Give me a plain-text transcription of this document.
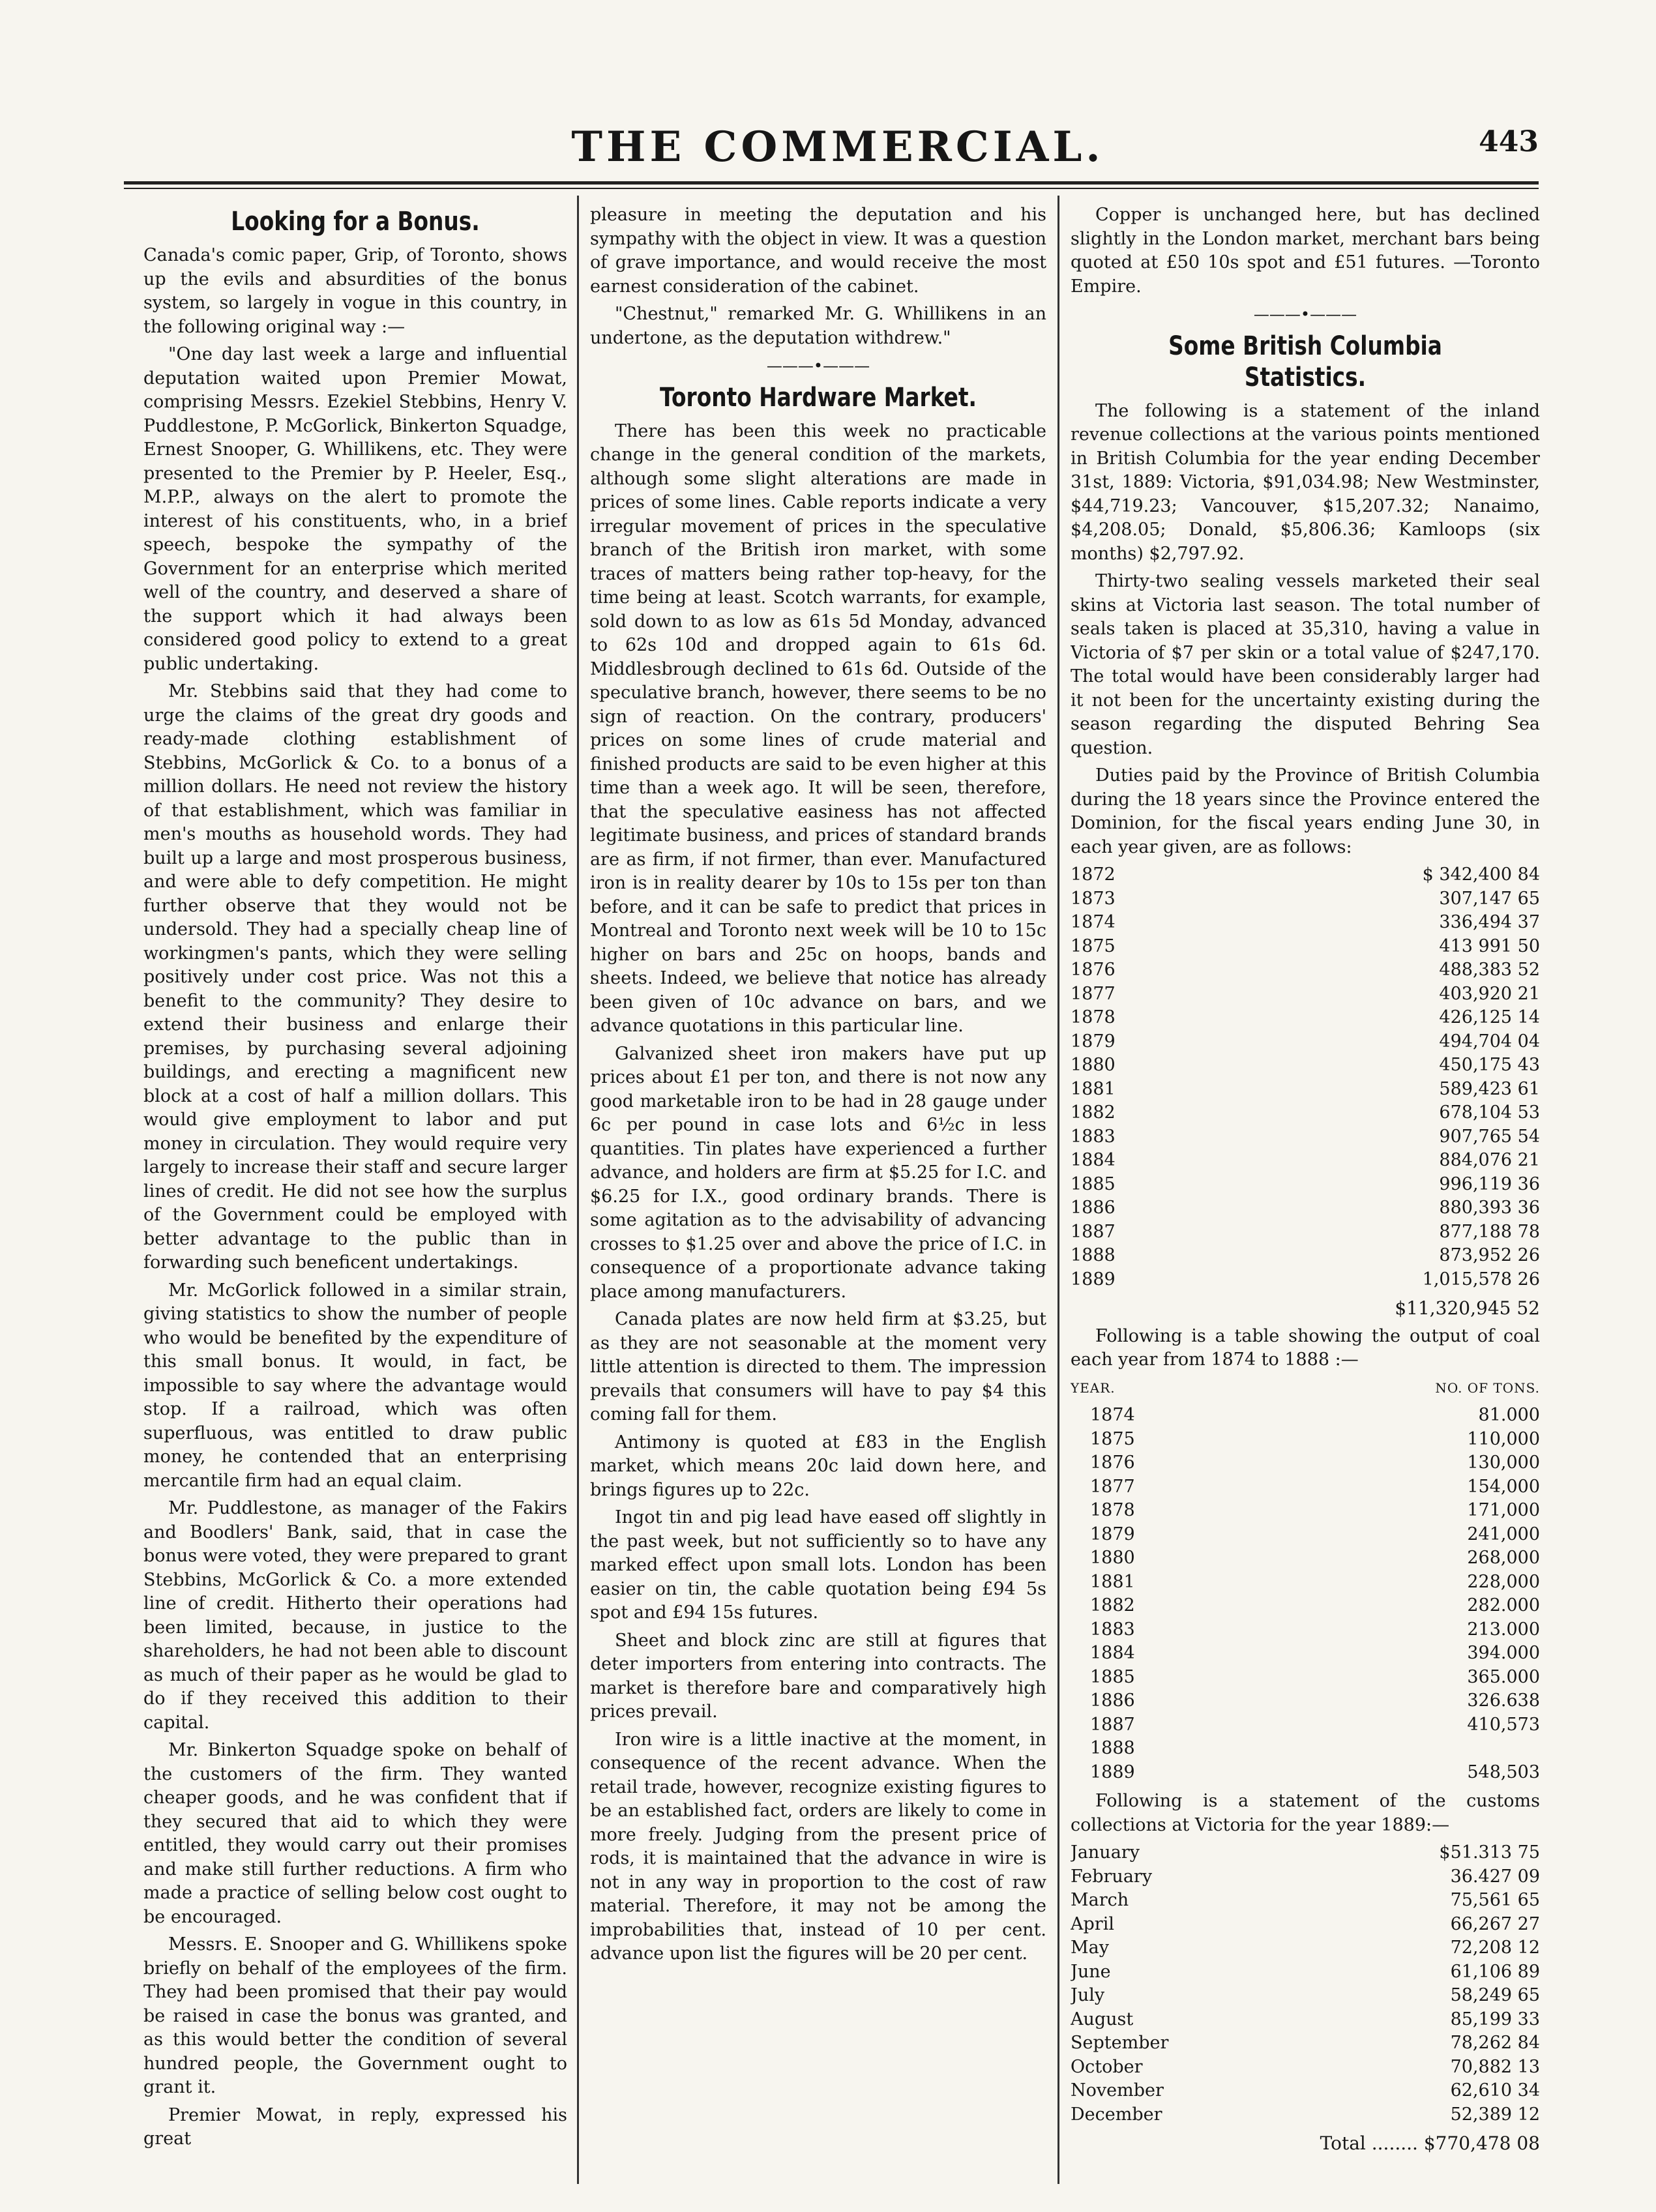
THE COMMERCIAL.	443
Looking for a Bonus.

Canada's comic paper, Grip, of Toronto, shows up the evils and absurdities of the bonus system, so largely in vogue in this country, in the following original way :—

"One day last week a large and influential deputation waited upon Premier Mowat, comprising Messrs. Ezekiel Stebbins, Henry V. Puddlestone, P. McGorlick, Binkerton Squadge, Ernest Snooper, G. Whillikens, etc. They were presented to the Premier by P. Heeler, Esq., M.P.P., always on the alert to promote the interest of his constituents, who, in a brief speech, bespoke the sympathy of the Government for an enterprise which merited well of the country, and deserved a share of the support which it had always been considered good policy to extend to a great public undertaking.

Mr. Stebbins said that they had come to urge the claims of the great dry goods and ready-made clothing establishment of Stebbins, McGorlick & Co. to a bonus of a million dollars. He need not review the history of that establishment, which was familiar in men's mouths as household words. They had built up a large and most prosperous business, and were able to defy competition. He might further observe that they would not be undersold. They had a specially cheap line of workingmen's pants, which they were selling positively under cost price. Was not this a benefit to the community? They desire to extend their business and enlarge their premises, by purchasing several adjoining buildings, and erecting a magnificent new block at a cost of half a million dollars. This would give employment to labor and put money in circulation. They would require very largely to increase their staff and secure larger lines of credit. He did not see how the surplus of the Government could be employed with better advantage to the public than in forwarding such beneficent undertakings.

Mr. McGorlick followed in a similar strain, giving statistics to show the number of people who would be benefited by the expenditure of this small bonus. It would, in fact, be impossible to say where the advantage would stop. If a railroad, which was often superfluous, was entitled to draw public money, he contended that an enterprising mercantile firm had an equal claim.

Mr. Puddlestone, as manager of the Fakirs and Boodlers' Bank, said, that in case the bonus were voted, they were prepared to grant Stebbins, McGorlick & Co. a more extended line of credit. Hitherto their operations had been limited, because, in justice to the shareholders, he had not been able to discount as much of their paper as he would be glad to do if they received this addition to their capital.

Mr. Binkerton Squadge spoke on behalf of the customers of the firm. They wanted cheaper goods, and he was confident that if they secured that aid to which they were entitled, they would carry out their promises and make still further reductions. A firm who made a practice of selling below cost ought to be encouraged.

Messrs. E. Snooper and G. Whillikens spoke briefly on behalf of the employees of the firm. They had been promised that their pay would be raised in case the bonus was granted, and as this would better the condition of several hundred people, the Government ought to grant it.

Premier Mowat, in reply, expressed his great

pleasure in meeting the deputation and his sympathy with the object in view. It was a question of grave importance, and would receive the most earnest consideration of the cabinet.

"Chestnut," remarked Mr. G. Whillikens in an undertone, as the deputation withdrew."

———•———
Toronto Hardware Market.

There has been this week no practicable change in the general condition of the markets, although some slight alterations are made in prices of some lines. Cable reports indicate a very irregular movement of prices in the speculative branch of the British iron market, with some traces of matters being rather top-heavy, for the time being at least. Scotch warrants, for example, sold down to as low as 61s 5d Monday, advanced to 62s 10d and dropped again to 61s 6d. Middlesbrough declined to 61s 6d. Outside of the speculative branch, however, there seems to be no sign of reaction. On the contrary, producers' prices on some lines of crude material and finished products are said to be even higher at this time than a week ago. It will be seen, therefore, that the speculative easiness has not affected legitimate business, and prices of standard brands are as firm, if not firmer, than ever. Manufactured iron is in reality dearer by 10s to 15s per ton than before, and it can be safe to predict that prices in Montreal and Toronto next week will be 10 to 15c higher on bars and 25c on hoops, bands and sheets. Indeed, we believe that notice has already been given of 10c advance on bars, and we advance quotations in this particular line.

Galvanized sheet iron makers have put up prices about £1 per ton, and there is not now any good marketable iron to be had in 28 gauge under 6c per pound in case lots and 6½c in less quantities. Tin plates have experienced a further advance, and holders are firm at $5.25 for I.C. and $6.25 for I.X., good ordinary brands. There is some agitation as to the advisability of advancing crosses to $1.25 over and above the price of I.C. in consequence of a proportionate advance taking place among manufacturers.

Canada plates are now held firm at $3.25, but as they are not seasonable at the moment very little attention is directed to them. The impression prevails that consumers will have to pay $4 this coming fall for them.

Antimony is quoted at £83 in the English market, which means 20c laid down here, and brings figures up to 22c.

Ingot tin and pig lead have eased off slightly in the past week, but not sufficiently so to have any marked effect upon small lots. London has been easier on tin, the cable quotation being £94 5s spot and £94 15s futures.

Sheet and block zinc are still at figures that deter importers from entering into contracts. The market is therefore bare and comparatively high prices prevail.

Iron wire is a little inactive at the moment, in consequence of the recent advance. When the retail trade, however, recognize existing figures to be an established fact, orders are likely to come in more freely. Judging from the present price of rods, it is maintained that the advance in wire is not in any way in proportion to the cost of raw material. Therefore, it may not be among the improbabilities that, instead of 10 per cent. advance upon list the figures will be 20 per cent.

Copper is unchanged here, but has declined slightly in the London market, merchant bars being quoted at £50 10s spot and £51 futures. —Toronto Empire.

———•———
Some British Columbia Statistics.

The following is a statement of the inland revenue collections at the various points mentioned in British Columbia for the year ending December 31st, 1889: Victoria, $91,034.98; New Westminster, $44,719.23; Vancouver, $15,207.32; Nanaimo, $4,208.05; Donald, $5,806.36; Kamloops (six months) $2,797.92.

Thirty-two sealing vessels marketed their seal skins at Victoria last season. The total number of seals taken is placed at 35,310, having a value in Victoria of $7 per skin or a total value of $247,170. The total would have been considerably larger had it not been for the uncertainty existing during the season regarding the disputed Behring Sea question.

Duties paid by the Province of British Columbia during the 18 years since the Province entered the Dominion, for the fiscal years ending June 30, in each year given, are as follows:

1872	$ 342,400 84
1873	307,147 65
1874	336,494 37
1875	413 991 50
1876	488,383 52
1877	403,920 21
1878	426,125 14
1879	494,704 04
1880	450,175 43
1881	589,423 61
1882	678,104 53
1883	907,765 54
1884	884,076 21
1885	996,119 36
1886	880,393 36
1887	877,188 78
1888	873,952 26
1889	1,015,578 26
$11,320,945 52

Following is a table showing the output of coal each year from 1874 to 1888 :—

YEAR.	NO. OF TONS.
1874	81.000
1875	110,000
1876	130,000
1877	154,000
1878	171,000
1879	241,000
1880	268,000
1881	228,000
1882	282.000
1883	213.000
1884	394.000
1885	365.000
1886	326.638
1887	410,573
1888
1889	548,503

Following is a statement of the customs collections at Victoria for the year 1889:—

January	$51.313 75
February	36.427 09
March	75,561 65
April	66,267 27
May	72,208 12
June	61,106 89
July	58,249 65
August	85,199 33
September	78,262 84
October	70,882 13
November	62,610 34
December	52,389 12
Total ........ $770,478 08
